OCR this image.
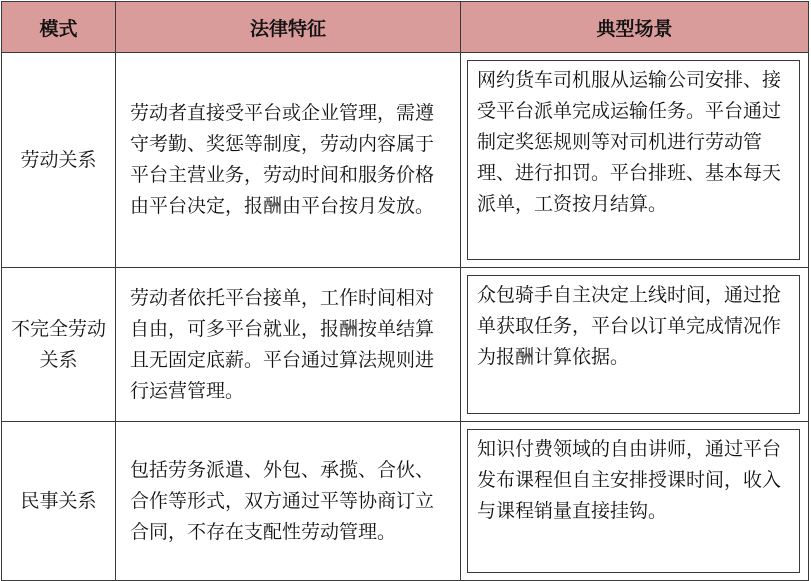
模式	法律特征	典型场景
劳动关系	劳动者直接受平台或企业管理，需遵守考勤、奖惩等制度，劳动内容属于平台主营业务，劳动时间和服务价格由平台决定，报酬由平台按月发放。	网约货车司机服从运输公司安排、接受平台派单完成运输任务。平台通过制定奖惩规则等对司机进行劳动管理、进行扣罚。平台排班、基本每天派单，工资按月结算。

不完全劳动关系	劳动者依托平台接单，工作时间相对自由，可多平台就业，报酬按单结算且无固定底薪。平台通过算法规则进行运营管理。	众包骑手自主决定上线时间，通过抢单获取任务，平台以订单完成情况作为报酬计算依据。

民事关系	包括劳务派遣、外包、承揽、合伙、合作等形式，双方通过平等协商订立合同，不存在支配性劳动管理。	知识付费领域的自由讲师，通过平台发布课程但自主安排授课时间，收入与课程销量直接挂钩。
